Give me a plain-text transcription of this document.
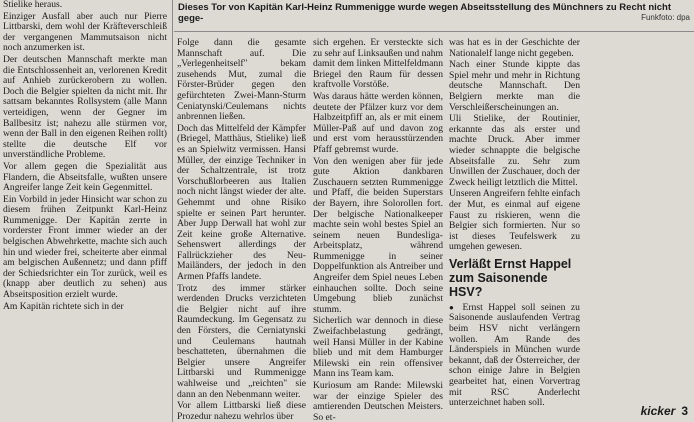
Dieses Tor von Kapitän Karl-Heinz Rummenigge wurde wegen Abseitsstellung des Münchners zu Recht nicht gege-	Funkfoto: dpa

Stielike heraus.

Einziger Ausfall aber auch nur Pierre Littbarski, dem wohl der Kräfteverschleiß der vergangenen Mammutsaison nicht noch anzumerken ist.

Der deutschen Mannschaft merkte man die Entschlossenheit an, verlorenen Kredit auf Anhieb zurückerobern zu wollen. Doch die Belgier spielten da nicht mit. Ihr sattsam bekanntes Rollsystem (alle Mann verteidigen, wenn der Gegner im Ballbesitz ist; nahezu alle stürmen vor, wenn der Ball in den eigenen Reihen rollt) stellte die deutsche Elf vor unverständliche Probleme.

Vor allem gegen die Spezialität aus Flandern, die Abseitsfalle, wußten unsere Angreifer lange Zeit kein Gegenmittel.

Ein Vorbild in jeder Hinsicht war schon zu diesem frühen Zeitpunkt Karl-Heinz Rummenigge. Der Kapitän zerrte in vorderster Front immer wieder an der belgischen Abwehrkette, machte sich auch hin und wieder frei, scheiterte aber einmal am belgischen Außennetz; und dann pfiff der Schiedsrichter ein Tor zurück, weil es (knapp aber deutlich zu sehen) aus Abseitsposition erzielt wurde.

Am Kapitän richtete sich in der

Folge dann die gesamte Mannschaft auf. Die „Verlegenheitself" bekam zusehends Mut, zumal die Förster-Brüder gegen den gefürchteten Zwei-Mann-Sturm Ceniatynski/Ceulemans nichts anbrennen ließen.

Doch das Mittelfeld der Kämpfer (Briegel, Matthäus, Stielike) ließ es an Spielwitz vermissen. Hansi Müller, der einzige Techniker in der Schaltzentrale, ist trotz Vorschußlorbeeren aus Italien noch nicht längst wieder der alte. Gehemmt und ohne Risiko spielte er seinen Part herunter. Aber Jupp Derwall hat wohl zur Zeit keine große Alternative. Sehenswert allerdings der Fallrückzieher des Neu-Mailänders, der jedoch in den Armen Pfaffs landete.

Trotz des immer stärker werdenden Drucks verzichteten die Belgier nicht auf ihre Raumdeckung. Im Gegensatz zu den Försters, die Cerniatynski und Ceulemans hautnah beschatteten, übernahmen die Belgier unsere Angreifer Littbarski und Rummenigge wahlweise und „reichten" sie dann an den Nebenmann weiter.

Vor allem Littbarski ließ diese Prozedur nahezu wehrlos über

sich ergehen. Er versteckte sich zu sehr auf Linksaußen und nahm damit dem linken Mittelfeldmann Briegel den Raum für dessen kraftvolle Vorstöße.

Was daraus hätte werden können, deutete der Pfälzer kurz vor dem Halbzeitpfiff an, als er mit einem Müller-Paß auf und davon zog und erst vom herausstürzenden Pfaff gebremst wurde.

Von den wenigen aber für jede gute Aktion dankbaren Zuschauern setzten Rummenigge und Pfaff, die beiden Superstars der Bayern, ihre Solorollen fort. Der belgische Nationalkeeper machte sein wohl bestes Spiel an seinem neuen Bundesliga-Arbeitsplatz, während Rummenigge in seiner Doppelfunktion als Antreiber und Angreifer dem Spiel neues Leben einhauchen sollte. Doch seine Umgebung blieb zunächst stumm.

Sicherlich war dennoch in diese Zweifachbelastung gedrängt, weil Hansi Müller in der Kabine blieb und mit dem Hamburger Milewski ein rein offensiver Mann ins Team kam.

Kuriosum am Rande: Milewski war der einzige Spieler des amtierenden Deutschen Meisters. So et-

was hat es in der Geschichte der Nationalelf lange nicht gegeben.

Nach einer Stunde kippte das Spiel mehr und mehr in Richtung deutsche Mannschaft. Den Belgiern merkte man die Verschleißerscheinungen an.

Uli Stielike, der Routinier, erkannte das als erster und machte Druck. Aber immer wieder schnappte die belgische Abseitsfalle zu. Sehr zum Unwillen der Zuschauer, doch der Zweck heiligt letztlich die Mittel.

Unseren Angreifern fehlte einfach der Mut, es einmal auf eigene Faust zu riskieren, wenn die Belgier sich formierten. Nur so ist dieses Teufelswerk zu umgehen gewesen.

Verläßt Ernst Happel zum Saisonende HSV?

● Ernst Happel soll seinen zu Saisonende auslaufenden Vertrag beim HSV nicht verlängern wollen. Am Rande des Länderspiels in München wurde bekannt, daß der Österreicher, der schon einige Jahre in Belgien gearbeitet hat, einen Vorvertrag mit RSC Anderlecht unterzeichnet haben soll.

kicker 3
